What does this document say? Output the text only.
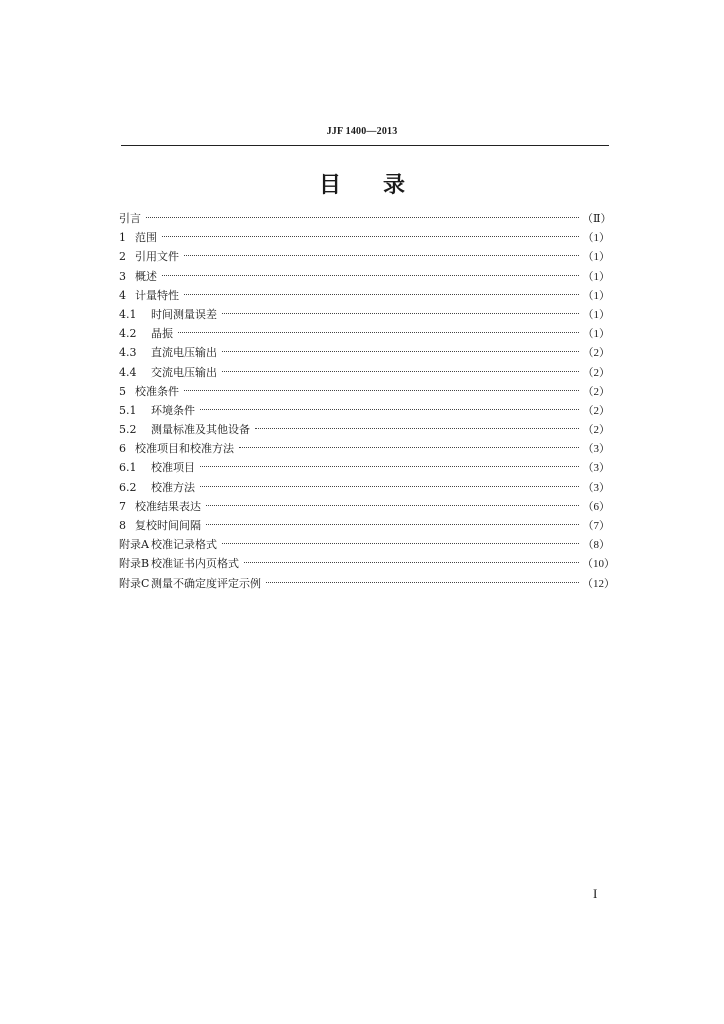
JJF 1400—2013
目录
引言	（Ⅱ）
1 范围	（1）
2 引用文件	（1）
3 概述	（1）
4 计量特性	（1）
4.1	时间测量误差	（1）
4.2	晶振	（1）
4.3	直流电压输出	（2）
4.4	交流电压输出	（2）
5 校准条件	（2）
5.1	环境条件	（2）
5.2	测量标准及其他设备	（2）
6 校准项目和校准方法	（3）
6.1	校准项目	（3）
6.2	校准方法	（3）
7 校准结果表达	（6）
8 复校时间间隔	（7）
附录A 校准记录格式	（8）
附录B 校准证书内页格式	（10）
附录C 测量不确定度评定示例	（12）
I
